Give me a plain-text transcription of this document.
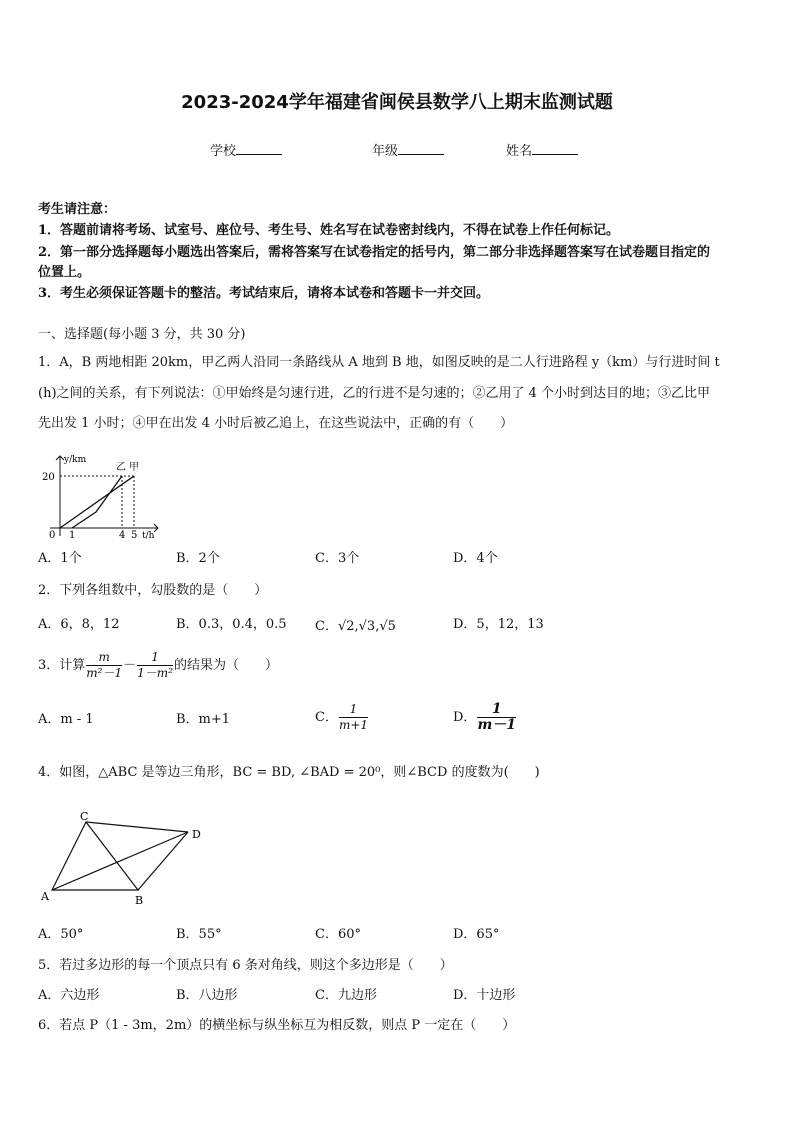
2023-2024学年福建省闽侯县数学八上期末监测试题
学校	年级	姓名
考生请注意：
1．答题前请将考场、试室号、座位号、考生号、姓名写在试卷密封线内，不得在试卷上作任何标记。
2．第一部分选择题每小题选出答案后，需将答案写在试卷指定的括号内，第二部分非选择题答案写在试卷题目指定的
位置上。
3．考生必须保证答题卡的整洁。考试结束后，请将本试卷和答题卡一并交回。
一、选择题(每小题 3 分，共 30 分)
1．A，B 两地相距 20km，甲乙两人沿同一条路线从 A 地到 B 地，如图反映的是二人行进路程 y（km）与行进时间 t
(h)之间的关系，有下列说法：①甲始终是匀速行进，乙的行进不是匀速的；②乙用了 4 个小时到达目的地；③乙比甲
先出发 1 小时；④甲在出发 4 小时后被乙追上，在这些说法中，正确的有（　　）
y/km
20
0 1	4 5 t/h
乙 甲
A．1个	B．2个	C．3个	D．4个
2．下列各组数中，勾股数的是（　　）
A．6，8，12	B．0.3，0.4，0.5 C．√2,√3,√5	D．5，12，13
3．计算 $\frac{m}{\text{m²－1}} - \frac{1}{\text{1－m²}}$ 的结果为（　　）
A．m - 1	B．m+1	C． $\frac{1}{m+1}$	D． $\frac{1}{m-1}$
4．如图，△ABC 是等边三角形，BC = BD, ∠BAD = 20⁰，则∠BCD 的度数为(　　)
A	B
C
D
A．50°	B．55°	C．60°	D．65°
5．若过多边形的每一个顶点只有 6 条对角线，则这个多边形是（　　）
A．六边形	B．八边形	C．九边形	D．十边形
6．若点 P（1 - 3m，2m）的横坐标与纵坐标互为相反数，则点 P 一定在（　　）
